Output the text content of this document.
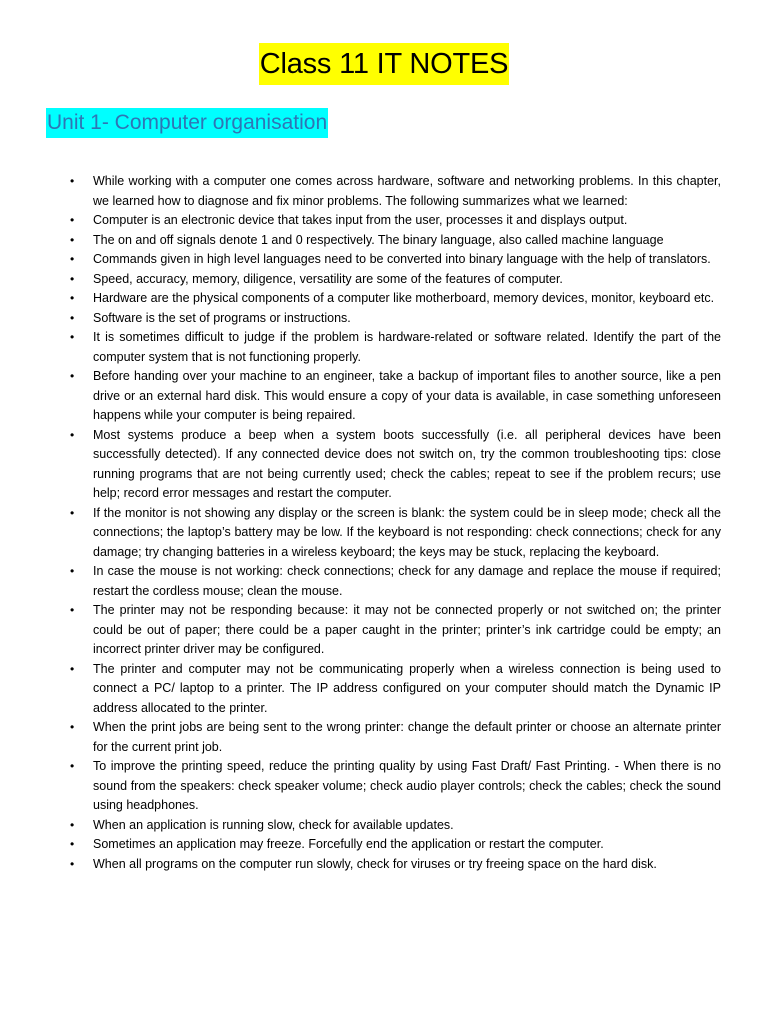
Class 11 IT NOTES
Unit 1- Computer organisation
• While working with a computer one comes across hardware, software and networking problems. In this chapter, we learned how to diagnose and fix minor problems. The following summarizes what we learned:
• Computer is an electronic device that takes input from the user, processes it and displays output.
• The on and off signals denote 1 and 0 respectively. The binary language, also called machine language
• Commands given in high level languages need to be converted into binary language with the help of translators.
• Speed, accuracy, memory, diligence, versatility are some of the features of computer.
• Hardware are the physical components of a computer like motherboard, memory devices, monitor, keyboard etc.
• Software is the set of programs or instructions.
• It is sometimes difficult to judge if the problem is hardware-related or software related. Identify the part of the computer system that is not functioning properly.
• Before handing over your machine to an engineer, take a backup of important files to another source, like a pen drive or an external hard disk. This would ensure a copy of your data is available, in case something unforeseen happens while your computer is being repaired.
• Most systems produce a beep when a system boots successfully (i.e. all peripheral devices have been successfully detected). If any connected device does not switch on, try the common troubleshooting tips: close running programs that are not being currently used; check the cables; repeat to see if the problem recurs; use help; record error messages and restart the computer.
• If the monitor is not showing any display or the screen is blank: the system could be in sleep mode; check all the connections; the laptop’s battery may be low. If the keyboard is not responding: check connections; check for any damage; try changing batteries in a wireless keyboard; the keys may be stuck, replacing the keyboard.
• In case the mouse is not working: check connections; check for any damage and replace the mouse if required; restart the cordless mouse; clean the mouse.
• The printer may not be responding because: it may not be connected properly or not switched on; the printer could be out of paper; there could be a paper caught in the printer; printer’s ink cartridge could be empty; an incorrect printer driver may be configured.
• The printer and computer may not be communicating properly when a wireless connection is being used to connect a PC/ laptop to a printer. The IP address configured on your computer should match the Dynamic IP address allocated to the printer.
• When the print jobs are being sent to the wrong printer: change the default printer or choose an alternate printer for the current print job.
• To improve the printing speed, reduce the printing quality by using Fast Draft/ Fast Printing. - When there is no sound from the speakers: check speaker volume; check audio player controls; check the cables; check the sound using headphones.
• When an application is running slow, check for available updates.
• Sometimes an application may freeze. Forcefully end the application or restart the computer.
• When all programs on the computer run slowly, check for viruses or try freeing space on the hard disk.
